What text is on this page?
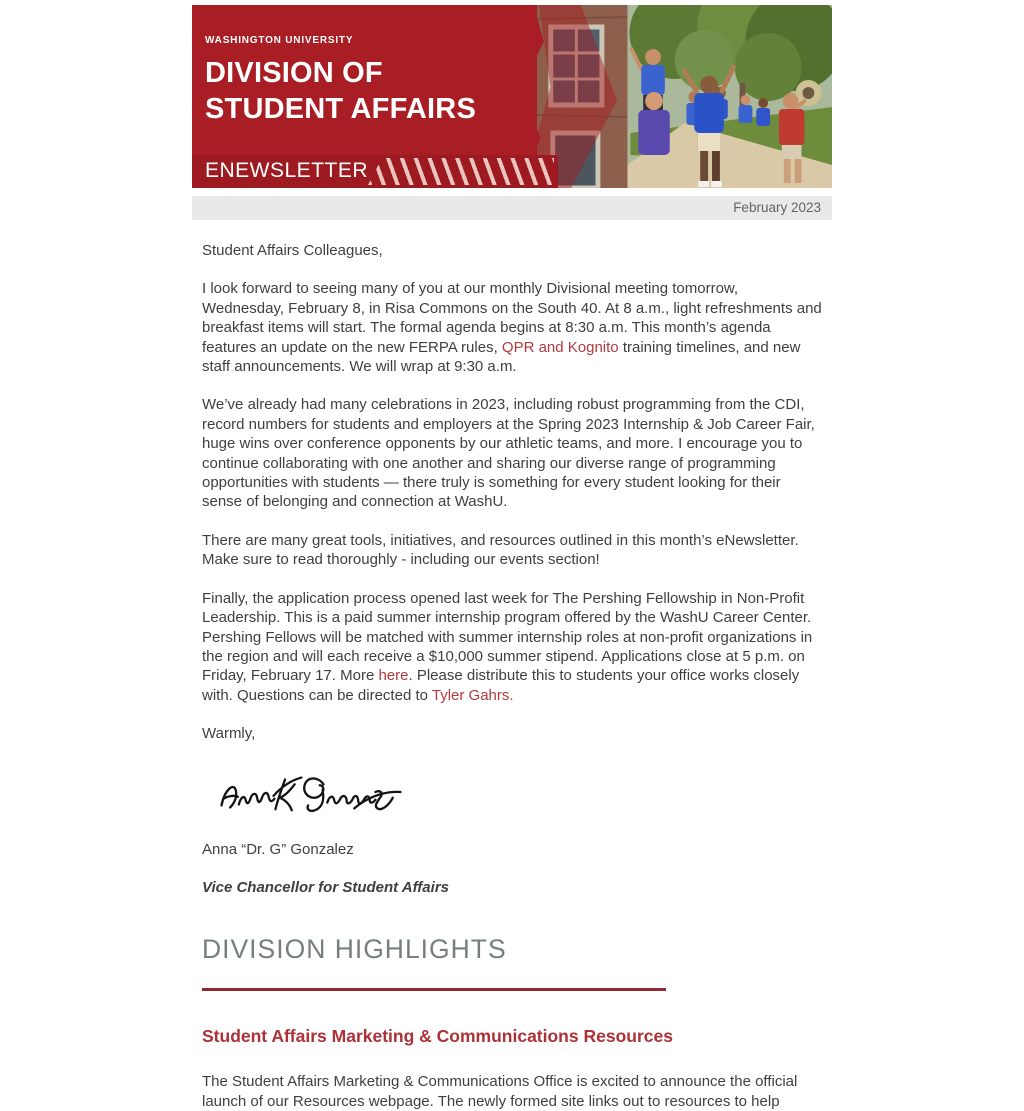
WASHINGTON UNIVERSITY
DIVISION OF
STUDENT AFFAIRS
ENEWSLETTER
February 2023

Student Affairs Colleagues,

I look forward to seeing many of you at our monthly Divisional meeting tomorrow, Wednesday, February 8, in Risa Commons on the South 40. At 8 a.m., light refreshments and breakfast items will start. The formal agenda begins at 8:30 a.m. This month’s agenda features an update on the new FERPA rules, QPR and Kognito training timelines, and new staff announcements. We will wrap at 9:30 a.m.

We’ve already had many celebrations in 2023, including robust programming from the CDI, record numbers for students and employers at the Spring 2023 Internship & Job Career Fair, huge wins over conference opponents by our athletic teams, and more. I encourage you to continue collaborating with one another and sharing our diverse range of programming opportunities with students — there truly is something for every student looking for their sense of belonging and connection at WashU.

There are many great tools, initiatives, and resources outlined in this month’s eNewsletter. Make sure to read thoroughly - including our events section!

Finally, the application process opened last week for The Pershing Fellowship in Non-Profit Leadership. This is a paid summer internship program offered by the WashU Career Center. Pershing Fellows will be matched with summer internship roles at non-profit organizations in the region and will each receive a $10,000 summer stipend. Applications close at 5 p.m. on Friday, February 17. More here. Please distribute this to students your office works closely with. Questions can be directed to Tyler Gahrs.

Warmly,

Anna “Dr. G” Gonzalez

Vice Chancellor for Student Affairs

DIVISION HIGHLIGHTS
Student Affairs Marketing & Communications Resources

The Student Affairs Marketing & Communications Office is excited to announce the official launch of our Resources webpage. The newly formed site links out to resources to help
